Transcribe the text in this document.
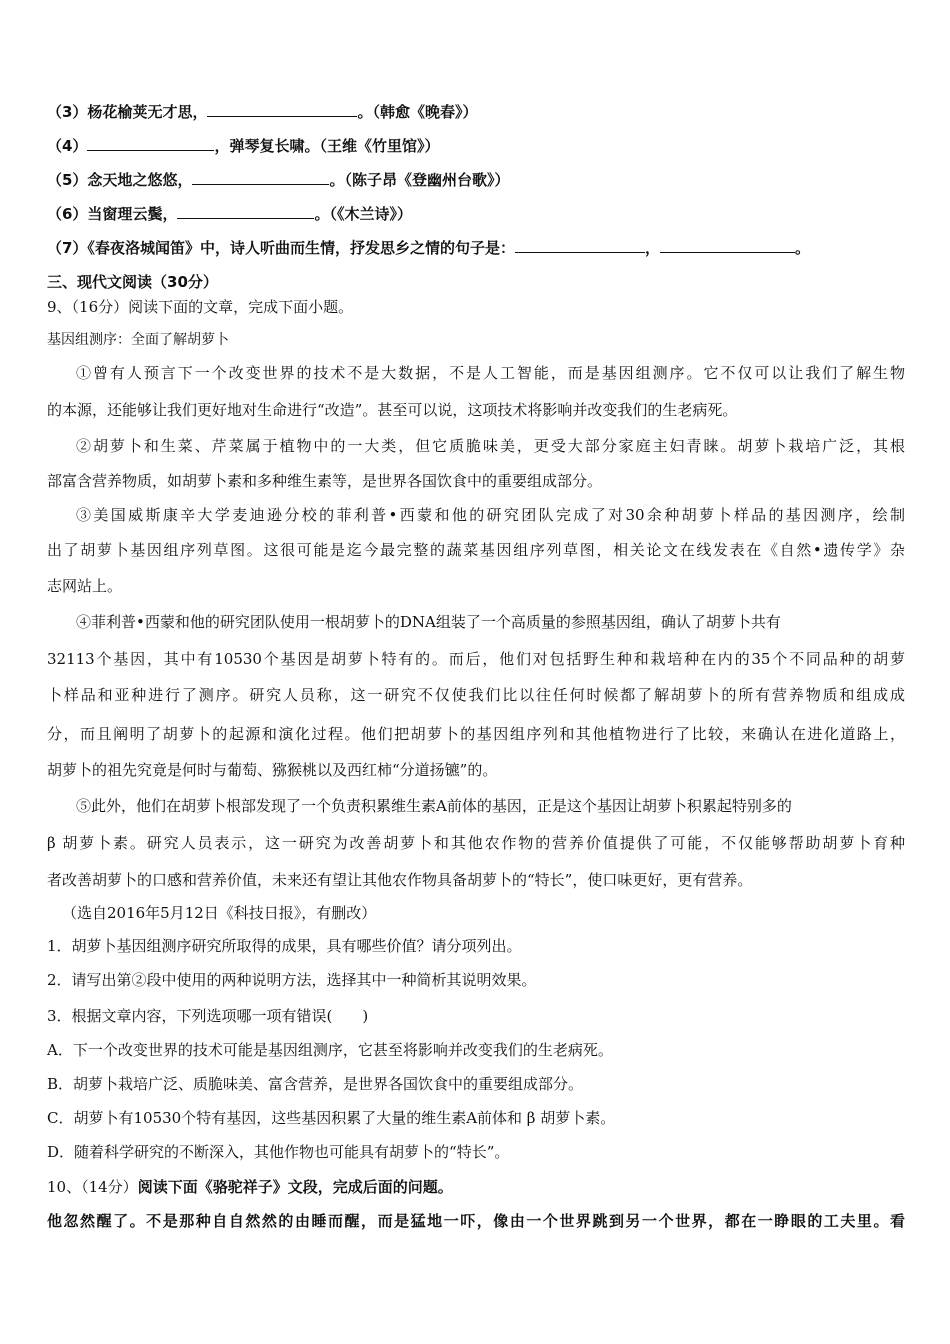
（3）杨花榆荚无才思，	。（韩愈《晚春》）
（4）	，弹琴复长啸。（王维《竹里馆》）
（5）念天地之悠悠，	。（陈子昂《登幽州台歌》）
（6）当窗理云鬓，	。（《木兰诗》）
（7）《春夜洛城闻笛》中，诗人听曲而生情，抒发思乡之情的句子是：	，	。
三、现代文阅读（30分）
9、（16分）阅读下面的文章，完成下面小题。
基因组测序：全面了解胡萝卜
①曾有人预言下一个改变世界的技术不是大数据，不是人工智能，而是基因组测序。它不仅可以让我们了解生物
的本源，还能够让我们更好地对生命进行“改造”。甚至可以说，这项技术将影响并改变我们的生老病死。
②胡萝卜和生菜、芹菜属于植物中的一大类，但它质脆味美，更受大部分家庭主妇青睐。胡萝卜栽培广泛，其根
部富含营养物质，如胡萝卜素和多种维生素等，是世界各国饮食中的重要组成部分。
③美国威斯康辛大学麦迪逊分校的菲利普•西蒙和他的研究团队完成了对30余种胡萝卜样品的基因测序，绘制
出了胡萝卜基因组序列草图。这很可能是迄今最完整的蔬菜基因组序列草图，相关论文在线发表在《自然•遗传学》杂
志网站上。
④菲利普•西蒙和他的研究团队使用一根胡萝卜的DNA组装了一个高质量的参照基因组，确认了胡萝卜共有
32113个基因，其中有10530个基因是胡萝卜特有的。而后，他们对包括野生种和栽培种在内的35个不同品种的胡萝
卜样品和亚种进行了测序。研究人员称，这一研究不仅使我们比以往任何时候都了解胡萝卜的所有营养物质和组成成
分，而且阐明了胡萝卜的起源和演化过程。他们把胡萝卜的基因组序列和其他植物进行了比较，来确认在进化道路上，
胡萝卜的祖先究竟是何时与葡萄、猕猴桃以及西红柿“分道扬镳”的。
⑤此外，他们在胡萝卜根部发现了一个负责积累维生素A前体的基因，正是这个基因让胡萝卜积累起特别多的
β 胡萝卜素。研究人员表示，这一研究为改善胡萝卜和其他农作物的营养价值提供了可能，不仅能够帮助胡萝卜育种
者改善胡萝卜的口感和营养价值，未来还有望让其他农作物具备胡萝卜的“特长”，使口味更好，更有营养。
（选自2016年5月12日《科技日报》，有删改）
1．胡萝卜基因组测序研究所取得的成果，具有哪些价值？请分项列出。
2．请写出第②段中使用的两种说明方法，选择其中一种简析其说明效果。
3．根据文章内容，下列选项哪一项有错误(　　)
A．下一个改变世界的技术可能是基因组测序，它甚至将影响并改变我们的生老病死。
B．胡萝卜栽培广泛、质脆味美、富含营养，是世界各国饮食中的重要组成部分。
C．胡萝卜有10530个特有基因，这些基因积累了大量的维生素A前体和 β 胡萝卜素。
D．随着科学研究的不断深入，其他作物也可能具有胡萝卜的“特长”。
10、（14分）阅读下面《骆驼祥子》文段，完成后面的问题。
他忽然醒了。不是那种自自然然的由睡而醒，而是猛地一吓，像由一个世界跳到另一个世界，都在一睁眼的工夫里。看
